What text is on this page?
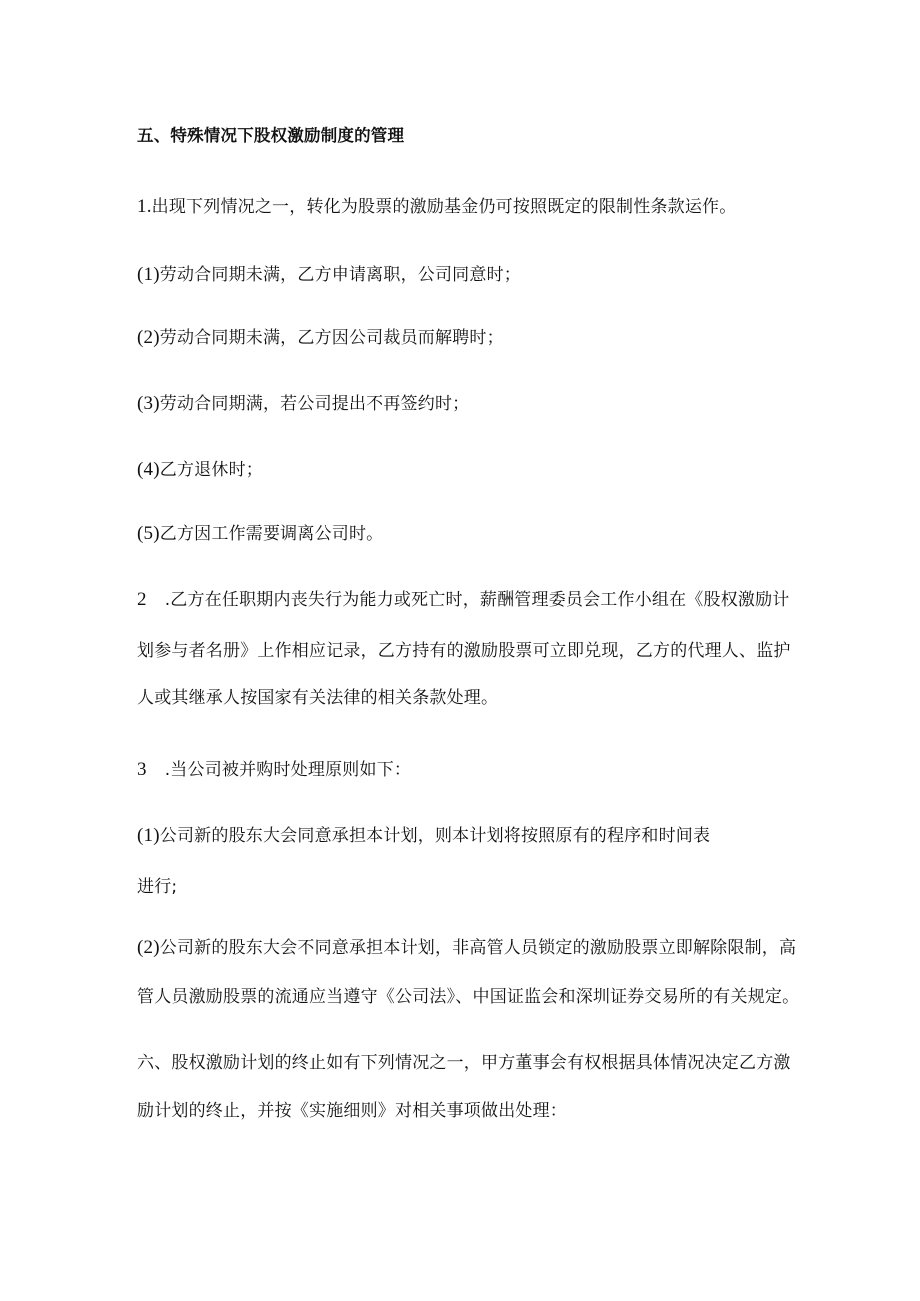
五、特殊情况下股权激励制度的管理
1.出现下列情况之一，转化为股票的激励基金仍可按照既定的限制性条款运作。
(1)劳动合同期未满，乙方申请离职，公司同意时；
(2)劳动合同期未满，乙方因公司裁员而解聘时；
(3)劳动合同期满，若公司提出不再签约时；
(4)乙方退休时；
(5)乙方因工作需要调离公司时。
2 .乙方在任职期内丧失行为能力或死亡时，薪酬管理委员会工作小组在《股权激励计
划参与者名册》上作相应记录，乙方持有的激励股票可立即兑现，乙方的代理人、监护
人或其继承人按国家有关法律的相关条款处理。
3 .当公司被并购时处理原则如下：
(1)公司新的股东大会同意承担本计划，则本计划将按照原有的程序和时间表
进行;
(2)公司新的股东大会不同意承担本计划，非高管人员锁定的激励股票立即解除限制，高
管人员激励股票的流通应当遵守《公司法》、中国证监会和深圳证券交易所的有关规定。
六、股权激励计划的终止如有下列情况之一，甲方董事会有权根据具体情况决定乙方激
励计划的终止，并按《实施细则》对相关事项做出处理：
